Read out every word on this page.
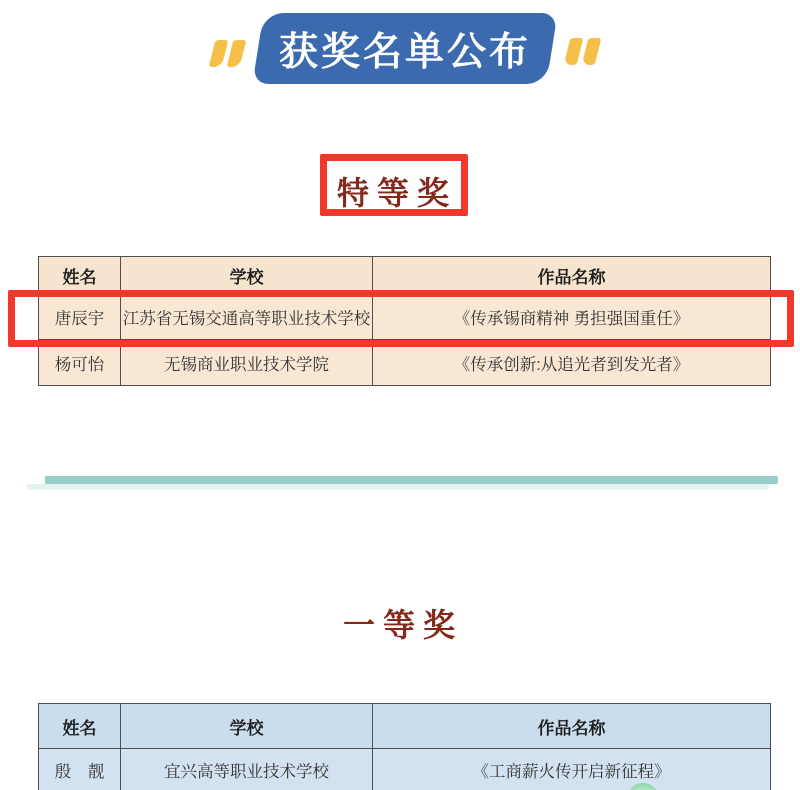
获奖名单公布
特等奖
姓名	学校	作品名称
唐辰宇	江苏省无锡交通高等职业技术学校	《传承锡商精神 勇担强国重任》
杨可怡	无锡商业职业技术学院	《传承创新:从追光者到发光者》
一等奖
姓名	学校	作品名称
殷　靓	宜兴高等职业技术学校	《工商薪火传开启新征程》
